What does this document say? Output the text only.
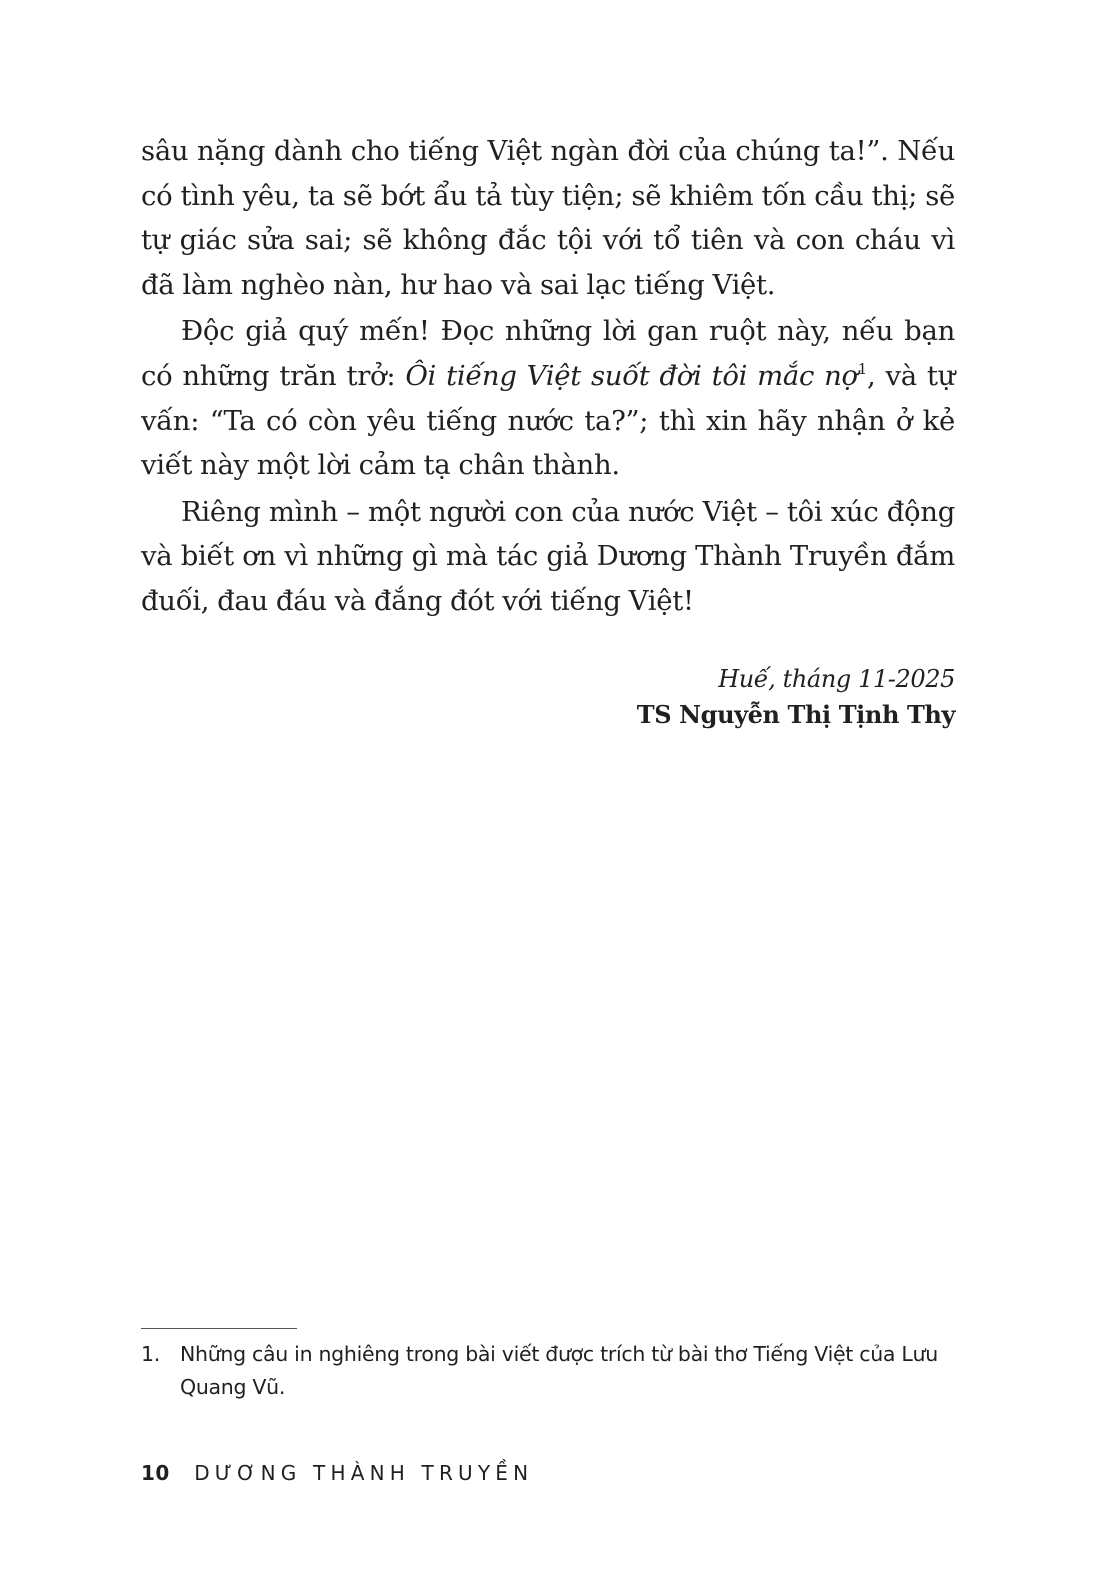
sâu nặng dành cho tiếng Việt ngàn đời của chúng ta!”. Nếu có tình yêu, ta sẽ bớt ẩu tả tùy tiện; sẽ khiêm tốn cầu thị; sẽ tự giác sửa sai; sẽ không đắc tội với tổ tiên và con cháu vì đã làm nghèo nàn, hư hao và sai lạc tiếng Việt.

Độc giả quý mến! Đọc những lời gan ruột này, nếu bạn có những trăn trở: Ôi tiếng Việt suốt đời tôi mắc nợ$^1$, và tự vấn: “Ta có còn yêu tiếng nước ta?”; thì xin hãy nhận ở kẻ viết này một lời cảm tạ chân thành.

Riêng mình – một người con của nước Việt – tôi xúc động và biết ơn vì những gì mà tác giả Dương Thành Truyền đắm đuối, đau đáu và đắng đót với tiếng Việt!

Huế, tháng 11-2025
TS Nguyễn Thị Tịnh Thy
1. Những câu in nghiêng trong bài viết được trích từ bài thơ Tiếng Việt của Lưu Quang Vũ.
10 DƯƠNG THÀNH TRUYỀN
